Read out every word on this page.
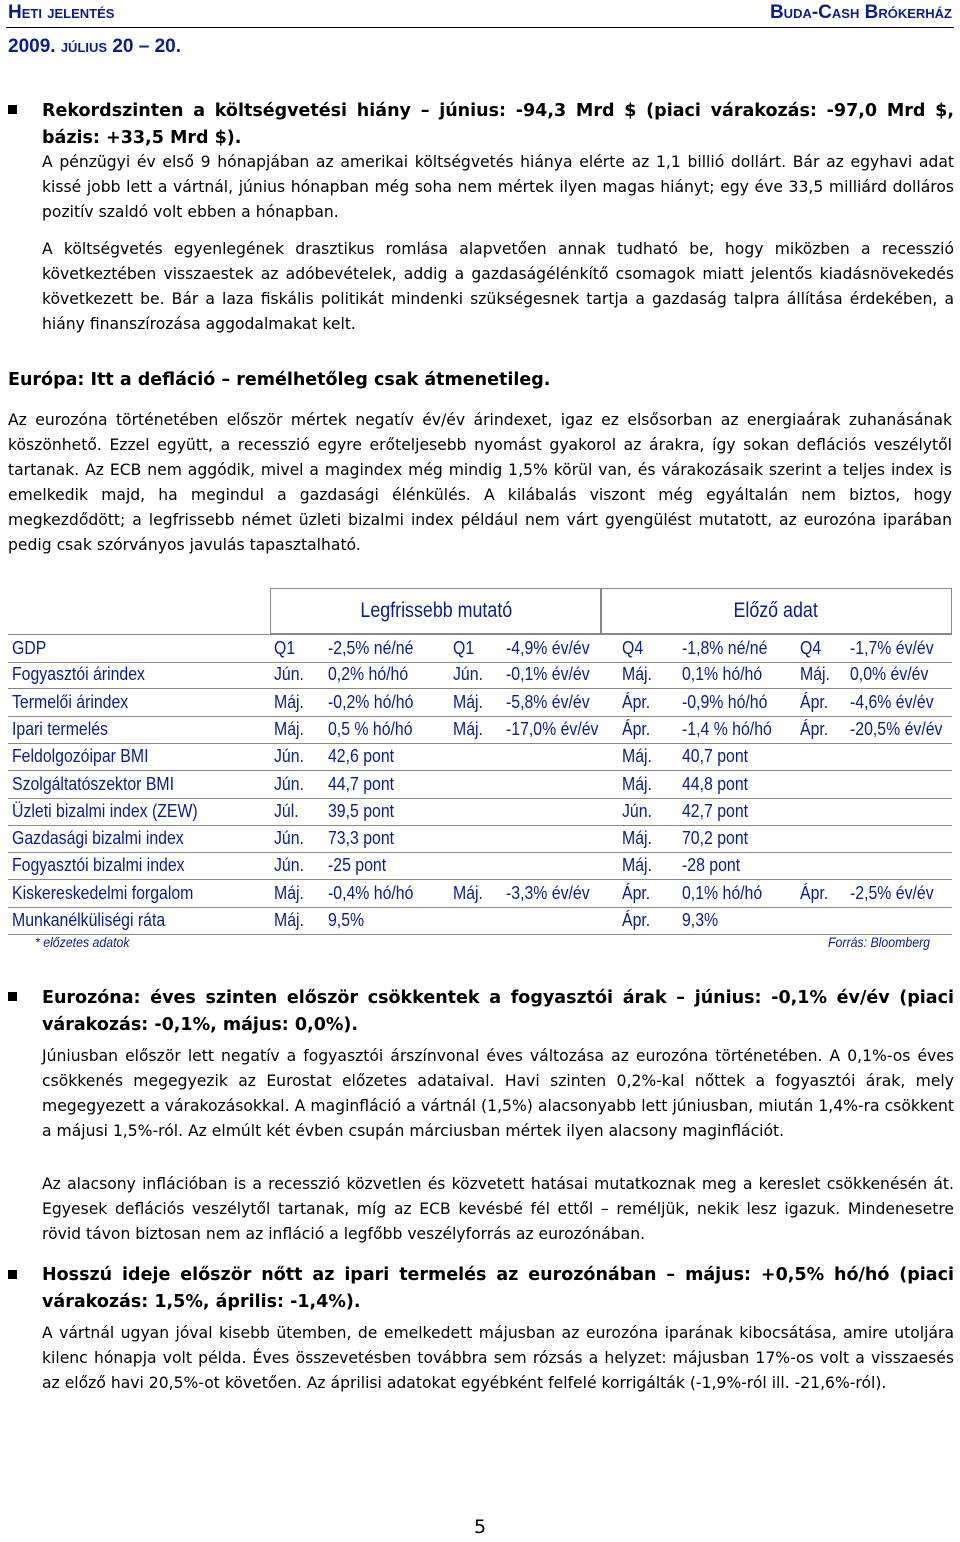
Heti jelentés
2009. július 20 – 20.
Buda-Cash Brókerház
Rekordszinten a költségvetési hiány – június: -94,3 Mrd $ (piaci várakozás: -97,0 Mrd $, bázis: +33,5 Mrd $).
A pénzügyi év első 9 hónapjában az amerikai költségvetés hiánya elérte az 1,1 billió dollárt. Bár az egyhavi adat kissé jobb lett a vártnál, június hónapban még soha nem mértek ilyen magas hiányt; egy éve 33,5 milliárd dolláros pozitív szaldó volt ebben a hónapban.
A költségvetés egyenlegének drasztikus romlása alapvetően annak tudható be, hogy miközben a recesszió következtében visszaestek az adóbevételek, addig a gazdaságélénkítő csomagok miatt jelentős kiadásnövekedés következett be. Bár a laza fiskális politikát mindenki szükségesnek tartja a gazdaság talpra állítása érdekében, a hiány finanszírozása aggodalmakat kelt.
Európa: Itt a defláció – remélhetőleg csak átmenetileg.
Az eurozóna történetében először mértek negatív év/év árindexet, igaz ez elsősorban az energiaárak zuhanásának köszönhető. Ezzel együtt, a recesszió egyre erőteljesebb nyomást gyakorol az árakra, így sokan deflációs veszélytől tartanak. Az ECB nem aggódik, mivel a magindex még mindig 1,5% körül van, és várakozásaik szerint a teljes index is emelkedik majd, ha megindul a gazdasági élénkülés. A kilábalás viszont még egyáltalán nem biztos, hogy megkezdődött; a legfrissebb német üzleti bizalmi index például nem várt gyengülést mutatott, az eurozóna iparában pedig csak szórványos javulás tapasztalható.
Legfrissebb mutató	Előző adat
GDP	Q1 -2,5% né/né Q1 -4,9% év/év Q4 -1,8% né/né Q4 -1,7% év/év
Fogyasztói árindex	Jún. 0,2% hó/hó Jún. -0,1% év/év Máj. 0,1% hó/hó Máj. 0,0% év/év
Termelői árindex	Máj. -0,2% hó/hó Máj. -5,8% év/év Ápr. -0,9% hó/hó Ápr. -4,6% év/év
Ipari termelés	Máj. 0,5 % hó/hó Máj. -17,0% év/év Ápr. -1,4 % hó/hó Ápr. -20,5% év/év
Feldolgozóipar BMI	Jún. 42,6 pont	Máj. 40,7 pont
Szolgáltatószektor BMI	Jún. 44,7 pont	Máj. 44,8 pont
Üzleti bizalmi index (ZEW)	Júl. 39,5 pont	Jún. 42,7 pont
Gazdasági bizalmi index	Jún. 73,3 pont	Máj. 70,2 pont
Fogyasztói bizalmi index	Jún. -25 pont	Máj. -28 pont
Kiskereskedelmi forgalom	Máj. -0,4% hó/hó Máj. -3,3% év/év Ápr. 0,1% hó/hó Ápr. -2,5% év/év
Munkanélküliségi ráta	Máj. 9,5%	Ápr. 9,3%
* előzetes adatok	Forrás: Bloomberg
Eurozóna: éves szinten először csökkentek a fogyasztói árak – június: -0,1% év/év (piaci várakozás: -0,1%, május: 0,0%).
Júniusban először lett negatív a fogyasztói árszínvonal éves változása az eurozóna történetében. A 0,1%-os éves csökkenés megegyezik az Eurostat előzetes adataival. Havi szinten 0,2%-kal nőttek a fogyasztói árak, mely megegyezett a várakozásokkal. A maginfláció a vártnál (1,5%) alacsonyabb lett júniusban, miután 1,4%-ra csökkent a májusi 1,5%-ról. Az elmúlt két évben csupán márciusban mértek ilyen alacsony maginflációt.
Az alacsony inflációban is a recesszió közvetlen és közvetett hatásai mutatkoznak meg a kereslet csökkenésén át. Egyesek deflációs veszélytől tartanak, míg az ECB kevésbé fél ettől – reméljük, nekik lesz igazuk. Mindenesetre rövid távon biztosan nem az infláció a legfőbb veszélyforrás az eurozónában.
Hosszú ideje először nőtt az ipari termelés az eurozónában – május: +0,5% hó/hó (piaci várakozás: 1,5%, április: -1,4%).
A vártnál ugyan jóval kisebb ütemben, de emelkedett májusban az eurozóna iparának kibocsátása, amire utoljára kilenc hónapja volt példa. Éves összevetésben továbbra sem rózsás a helyzet: májusban 17%-os volt a visszaesés az előző havi 20,5%-ot követően. Az áprilisi adatokat egyébként felfelé korrigálták (-1,9%-ról ill. -21,6%-ról).
5
